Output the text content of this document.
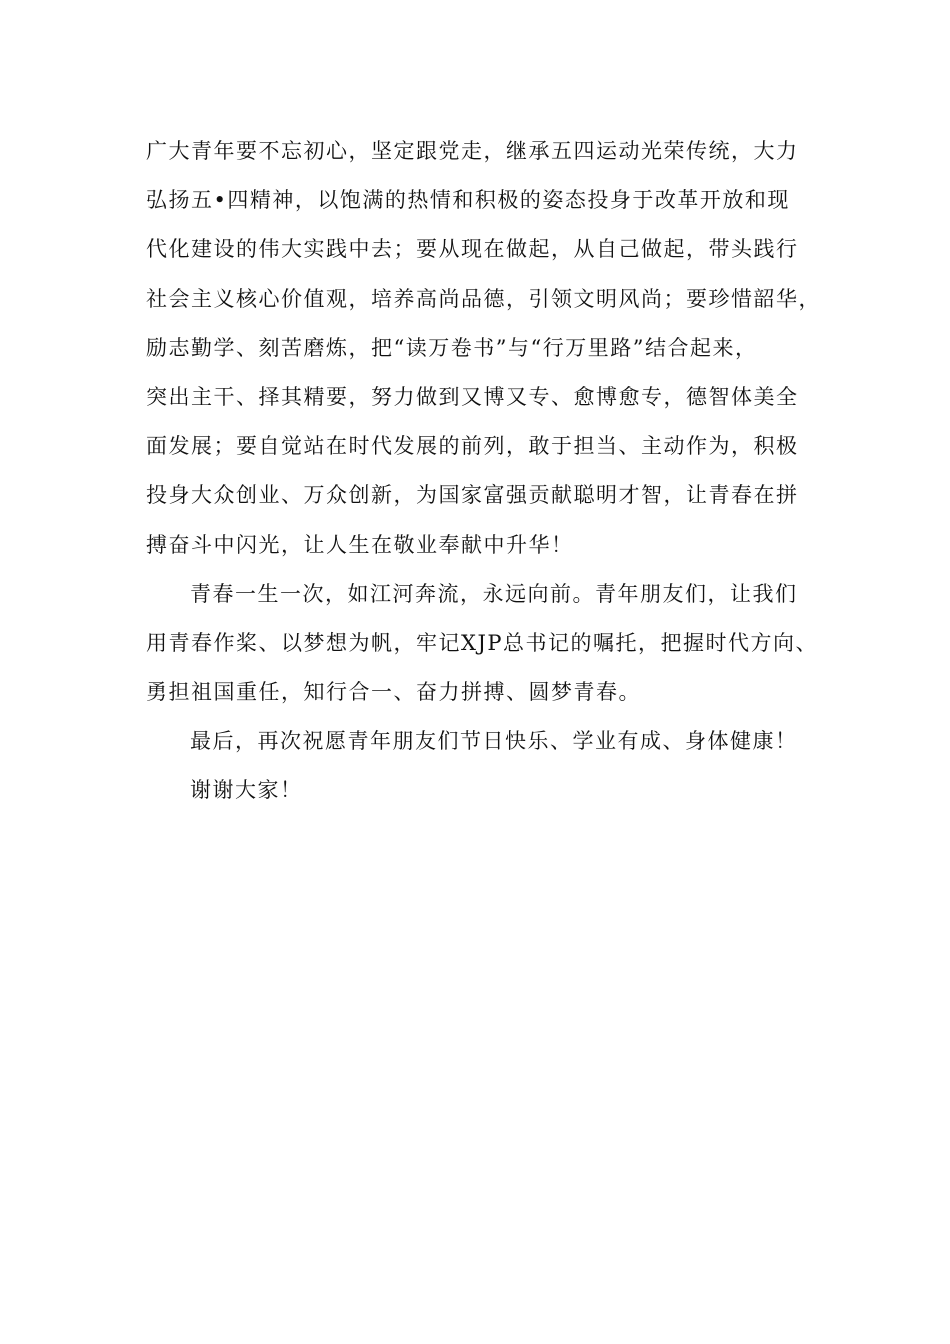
广大青年要不忘初心，坚定跟党走，继承五四运动光荣传统，大力
弘扬五•四精神，以饱满的热情和积极的姿态投身于改革开放和现
代化建设的伟大实践中去；要从现在做起，从自己做起，带头践行
社会主义核心价值观，培养高尚品德，引领文明风尚；要珍惜韶华，
励志勤学、刻苦磨炼，把“读万卷书”与“行万里路”结合起来，
突出主干、择其精要，努力做到又博又专、愈博愈专，德智体美全
面发展；要自觉站在时代发展的前列，敢于担当、主动作为，积极
投身大众创业、万众创新，为国家富强贡献聪明才智，让青春在拼
搏奋斗中闪光，让人生在敬业奉献中升华！
青春一生一次，如江河奔流，永远向前。青年朋友们，让我们
用青春作桨、以梦想为帆，牢记XJP总书记的嘱托，把握时代方向、
勇担祖国重任，知行合一、奋力拼搏、圆梦青春。
最后，再次祝愿青年朋友们节日快乐、学业有成、身体健康！
谢谢大家！
